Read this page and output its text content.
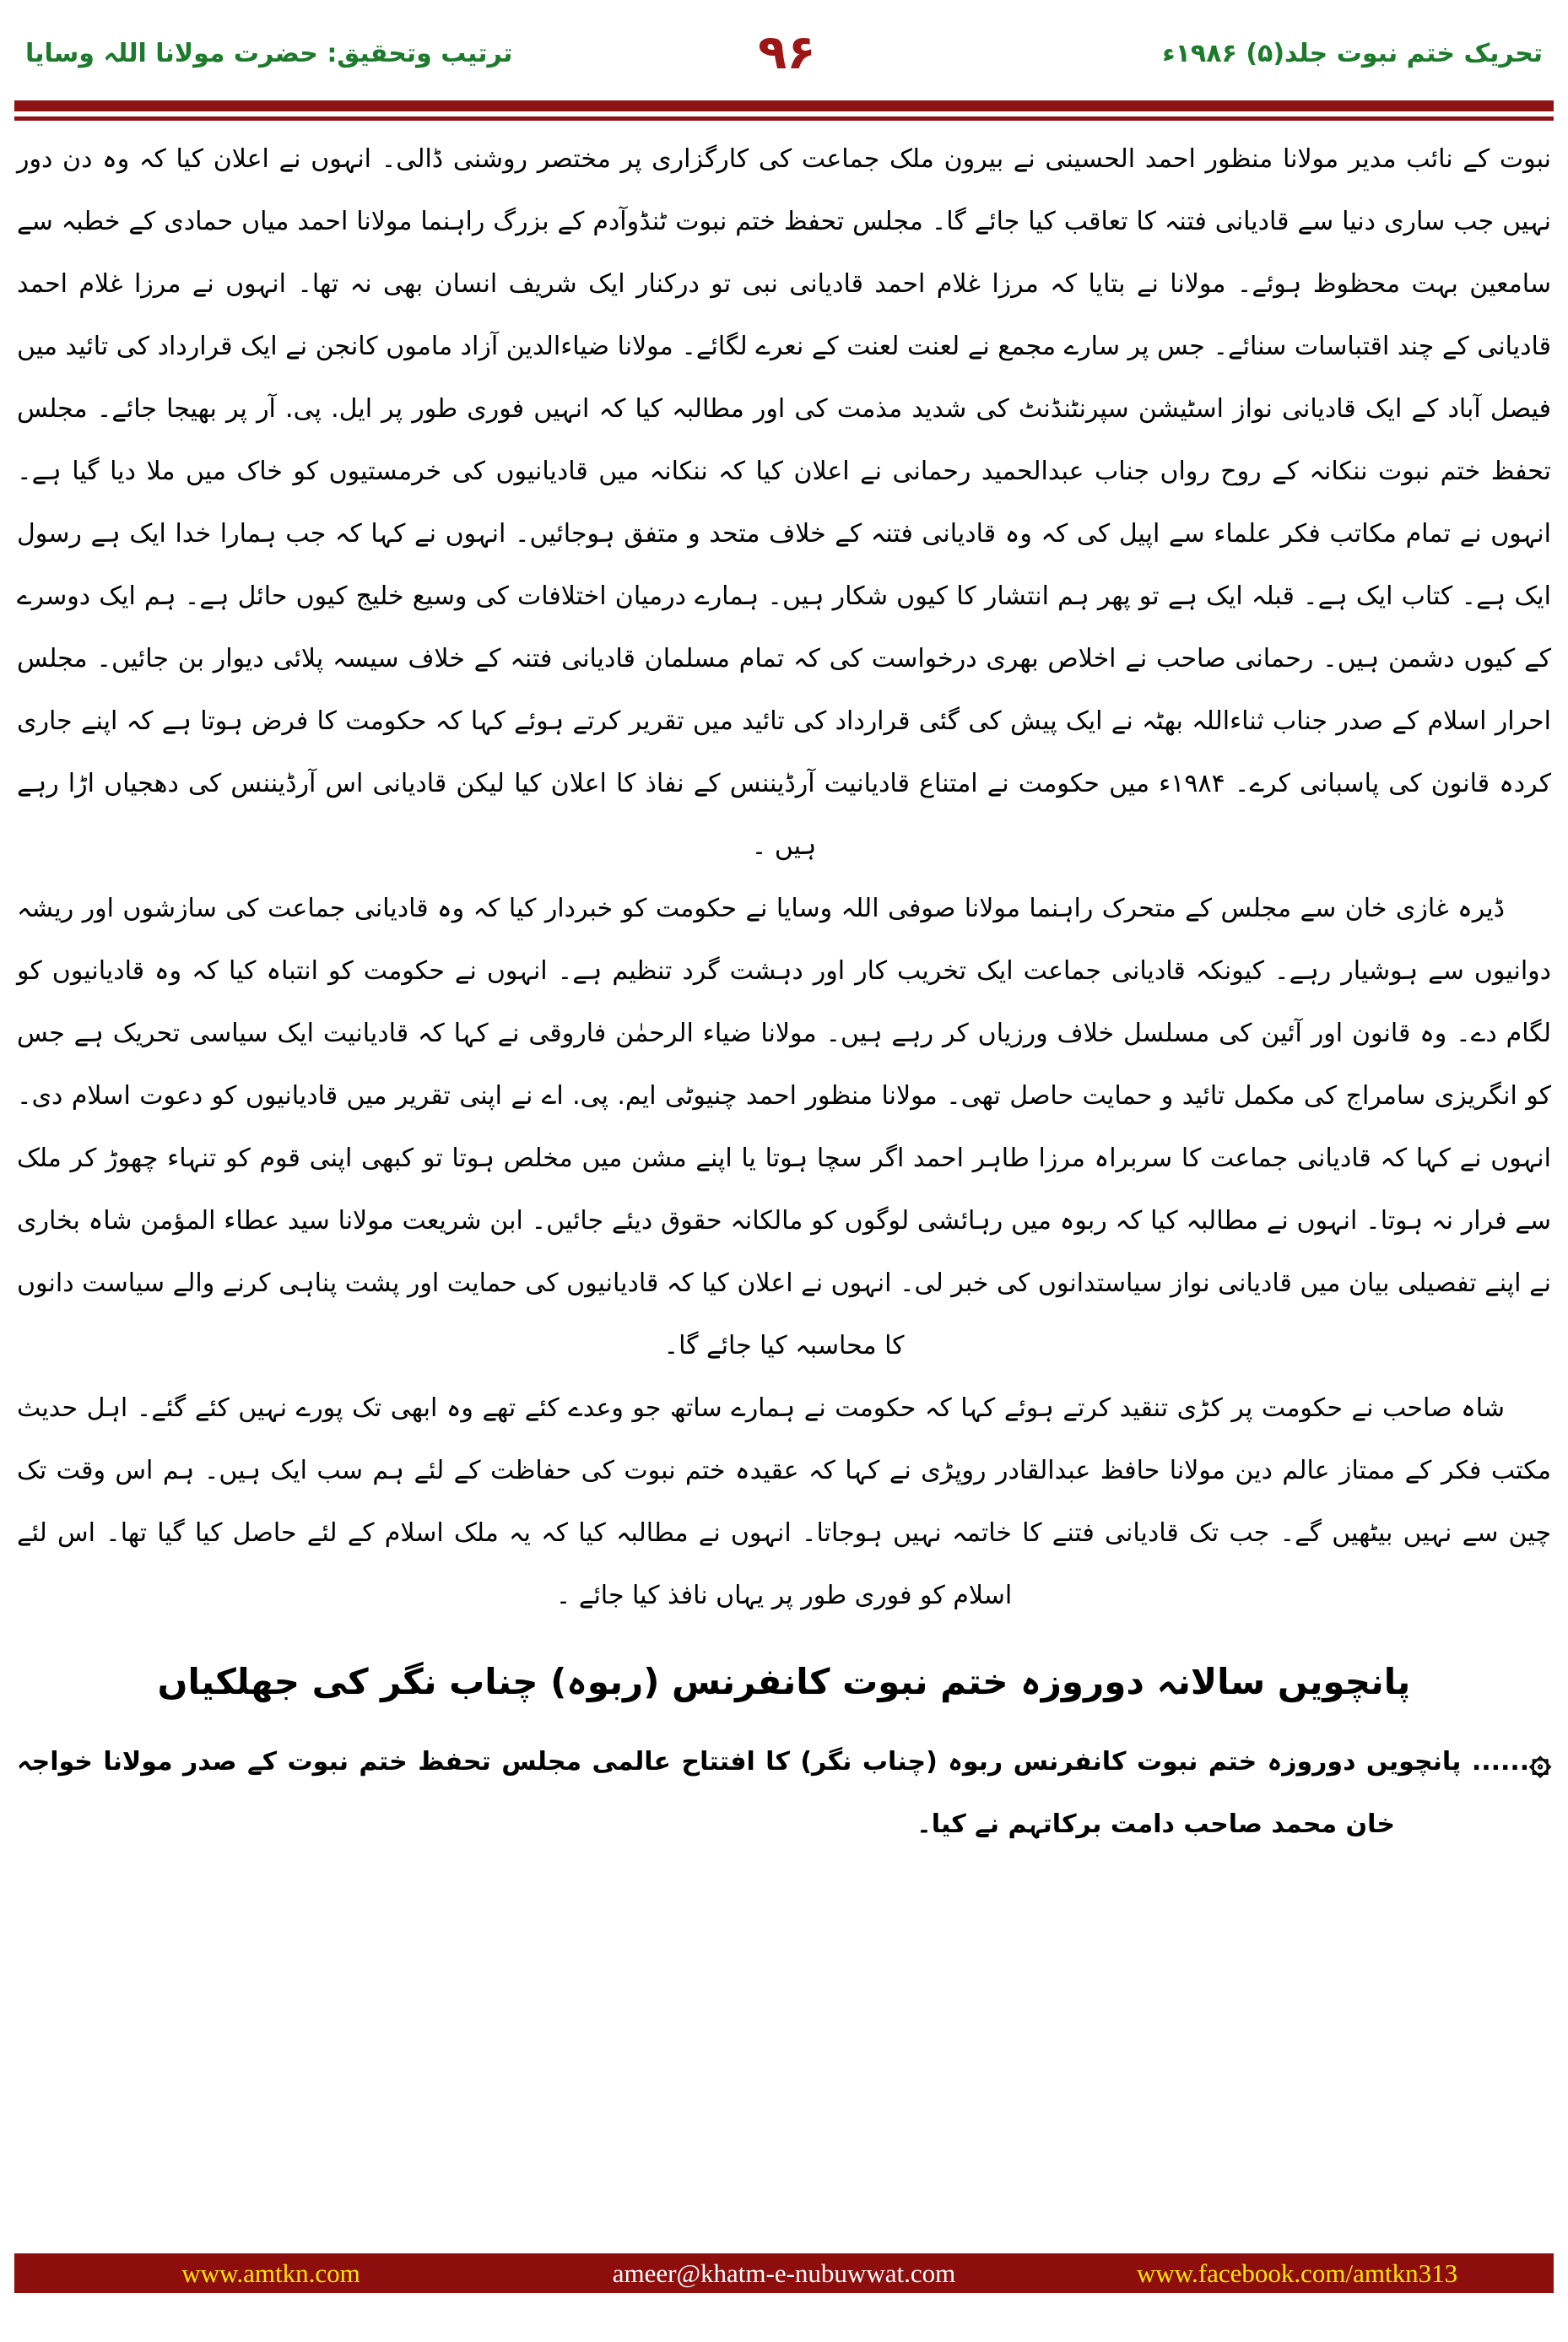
ترتیب وتحقیق: حضرت مولانا اللہ وسایا	۹۶	تحریک ختم نبوت جلد(۵) ۱۹۸۶ء

نبوت کے نائب مدیر مولانا منظور احمد الحسینی نے بیرون ملک جماعت کی کارگزاری پر مختصر روشنی ڈالی۔ انہوں نے اعلان کیا کہ وہ دن دور نہیں جب ساری دنیا سے قادیانی فتنہ کا تعاقب کیا جائے گا۔ مجلس تحفظ ختم نبوت ٹنڈوآدم کے بزرگ راہنما مولانا احمد میاں حمادی کے خطبہ سے سامعین بہت محظوظ ہوئے۔ مولانا نے بتایا کہ مرزا غلام احمد قادیانی نبی تو درکنار ایک شریف انسان بھی نہ تھا۔ انہوں نے مرزا غلام احمد قادیانی کے چند اقتباسات سنائے۔ جس پر سارے مجمع نے لعنت لعنت کے نعرے لگائے۔ مولانا ضیاءالدین آزاد ماموں کانجن نے ایک قرارداد کی تائید میں فیصل آباد کے ایک قادیانی نواز اسٹیشن سپرنٹنڈنٹ کی شدید مذمت کی اور مطالبہ کیا کہ انہیں فوری طور پر ایل. پی. آر پر بھیجا جائے۔ مجلس تحفظ ختم نبوت ننکانہ کے روح رواں جناب عبدالحمید رحمانی نے اعلان کیا کہ ننکانہ میں قادیانیوں کی خرمستیوں کو خاک میں ملا دیا گیا ہے۔ انہوں نے تمام مکاتب فکر علماء سے اپیل کی کہ وہ قادیانی فتنہ کے خلاف متحد و متفق ہوجائیں۔ انہوں نے کہا کہ جب ہمارا خدا ایک ہے رسول ایک ہے۔ کتاب ایک ہے۔ قبلہ ایک ہے تو پھر ہم انتشار کا کیوں شکار ہیں۔ ہمارے درمیان اختلافات کی وسیع خلیج کیوں حائل ہے۔ ہم ایک دوسرے کے کیوں دشمن ہیں۔ رحمانی صاحب نے اخلاص بھری درخواست کی کہ تمام مسلمان قادیانی فتنہ کے خلاف سیسہ پلائی دیوار بن جائیں۔ مجلس احرار اسلام کے صدر جناب ثناءاللہ بھٹہ نے ایک پیش کی گئی قرارداد کی تائید میں تقریر کرتے ہوئے کہا کہ حکومت کا فرض ہوتا ہے کہ اپنے جاری کردہ قانون کی پاسبانی کرے۔ ۱۹۸۴ء میں حکومت نے امتناع قادیانیت آرڈیننس کے نفاذ کا اعلان کیا لیکن قادیانی اس آرڈیننس کی دھجیاں اڑا رہے ہیں ۔

ڈیرہ غازی خان سے مجلس کے متحرک راہنما مولانا صوفی اللہ وسایا نے حکومت کو خبردار کیا کہ وہ قادیانی جماعت کی سازشوں اور ریشہ دوانیوں سے ہوشیار رہے۔ کیونکہ قادیانی جماعت ایک تخریب کار اور دہشت گرد تنظیم ہے۔ انہوں نے حکومت کو انتباہ کیا کہ وہ قادیانیوں کو لگام دے۔ وہ قانون اور آئین کی مسلسل خلاف ورزیاں کر رہے ہیں۔ مولانا ضیاء الرحمٰن فاروقی نے کہا کہ قادیانیت ایک سیاسی تحریک ہے جس کو انگریزی سامراج کی مکمل تائید و حمایت حاصل تھی۔ مولانا منظور احمد چنیوٹی ایم. پی. اے نے اپنی تقریر میں قادیانیوں کو دعوت اسلام دی۔ انہوں نے کہا کہ قادیانی جماعت کا سربراہ مرزا طاہر احمد اگر سچا ہوتا یا اپنے مشن میں مخلص ہوتا تو کبھی اپنی قوم کو تنہاء چھوڑ کر ملک سے فرار نہ ہوتا۔ انہوں نے مطالبہ کیا کہ ربوہ میں رہائشی لوگوں کو مالکانہ حقوق دیئے جائیں۔ ابن شریعت مولانا سید عطاء المؤمن شاہ بخاری نے اپنے تفصیلی بیان میں قادیانی نواز سیاستدانوں کی خبر لی۔ انہوں نے اعلان کیا کہ قادیانیوں کی حمایت اور پشت پناہی کرنے والے سیاست دانوں کا محاسبہ کیا جائے گا۔

شاہ صاحب نے حکومت پر کڑی تنقید کرتے ہوئے کہا کہ حکومت نے ہمارے ساتھ جو وعدے کئے تھے وہ ابھی تک پورے نہیں کئے گئے۔ اہل حدیث مکتب فکر کے ممتاز عالم دین مولانا حافظ عبدالقادر روپڑی نے کہا کہ عقیدہ ختم نبوت کی حفاظت کے لئے ہم سب ایک ہیں۔ ہم اس وقت تک چین سے نہیں بیٹھیں گے۔ جب تک قادیانی فتنے کا خاتمہ نہیں ہوجاتا۔ انہوں نے مطالبہ کیا کہ یہ ملک اسلام کے لئے حاصل کیا گیا تھا۔ اس لئے اسلام کو فوری طور پر یہاں نافذ کیا جائے ۔

پانچویں سالانہ دوروزہ ختم نبوت کانفرنس (ربوہ) چناب نگر کی جھلکیاں

۞...... پانچویں دوروزہ ختم نبوت کانفرنس ربوہ (چناب نگر) کا افتتاح عالمی مجلس تحفظ ختم نبوت کے صدر مولانا خواجہ خان محمد صاحب دامت برکاتہم نے کیا۔

www.amtkn.com	ameer@khatm-e-nubuwwat.com	www.facebook.com/amtkn313
